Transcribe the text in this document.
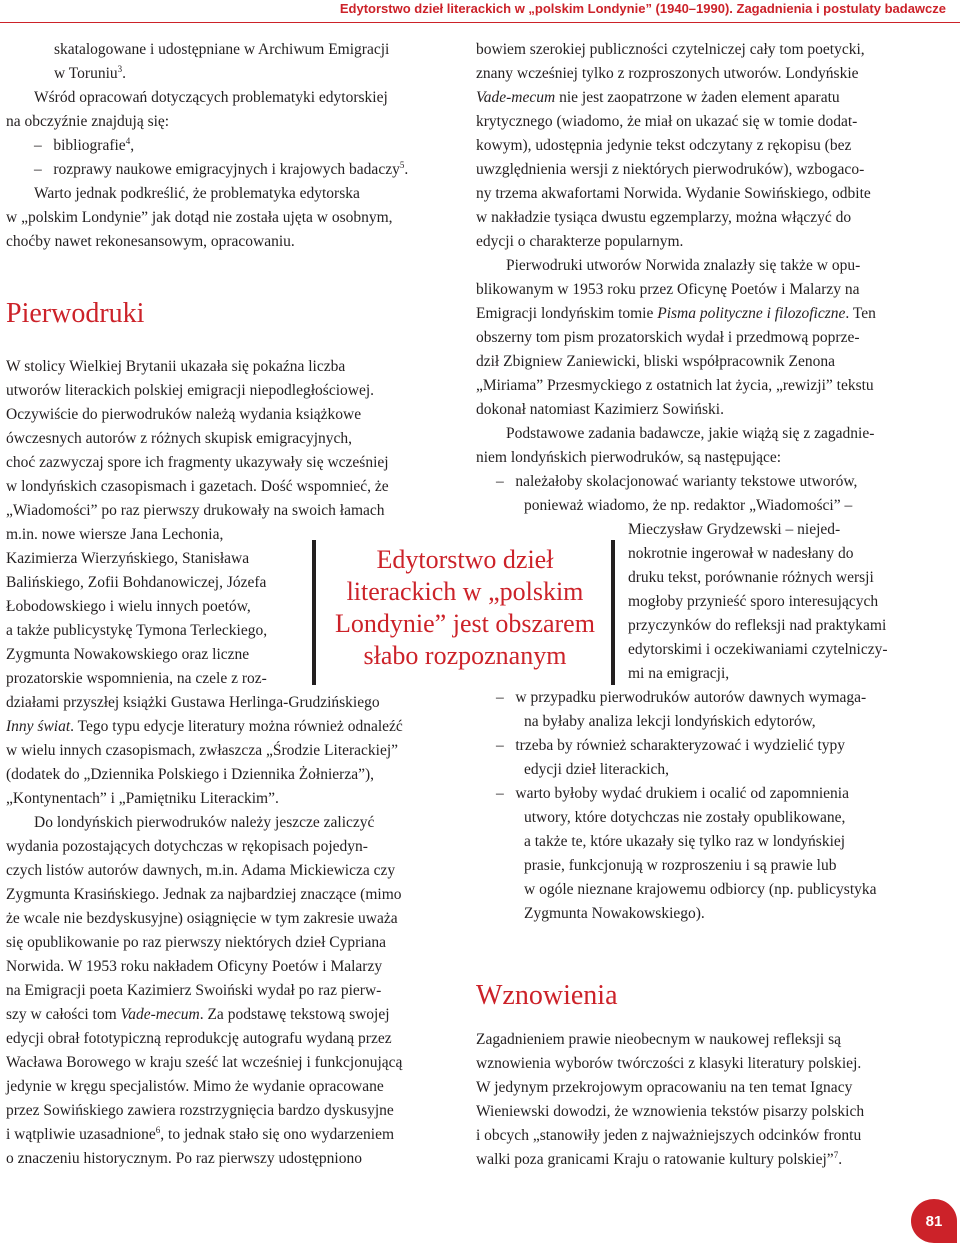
Edytorstwo dzieł literackich w „polskim Londynie” (1940–1990). Zagadnienia i postulaty badawcze
skatalogowane i udostępniane w Archiwum Emigracji
w Toruniu$^3$.
Wśród opracowań dotyczących problematyki edytorskiej
na obczyźnie znajdują się:
–   bibliografie$^4$,
–   rozprawy naukowe emigracyjnych i krajowych badaczy$^5$.
Warto jednak podkreślić, że problematyka edytorska
w „polskim Londynie” jak dotąd nie została ujęta w osobnym,
choćby nawet rekonesansowym, opracowaniu.
W stolicy Wielkiej Brytanii ukazała się pokaźna liczba
utworów literackich polskiej emigracji niepodległościowej.
Oczywiście do pierwodruków należą wydania książkowe
ówczesnych autorów z różnych skupisk emigracyjnych,
choć zazwyczaj spore ich fragmenty ukazywały się wcześniej
w londyńskich czasopismach i gazetach. Dość wspomnieć, że
„Wiadomości” po raz pierwszy drukowały na swoich łamach
m.in. nowe wiersze Jana Lechonia,
Kazimierza Wierzyńskiego, Stanisława
Balińskiego, Zofii Bohdanowiczej, Józefa
Łobodowskiego i wielu innych poetów,
a także publicystykę Tymona Terleckiego,
Zygmunta Nowakowskiego oraz liczne
prozatorskie wspomnienia, na czele z roz-
działami przyszłej książki Gustawa Herlinga-Grudzińskiego
Inny świat. Tego typu edycje literatury można również odnaleźć
w wielu innych czasopismach, zwłaszcza „Środzie Literackiej”
(dodatek do „Dziennika Polskiego i Dziennika Żołnierza”),
„Kontynentach” i „Pamiętniku Literackim”.
Do londyńskich pierwodruków należy jeszcze zaliczyć
wydania pozostających dotychczas w rękopisach pojedyn-
czych listów autorów dawnych, m.in. Adama Mickiewicza czy
Zygmunta Krasińskiego. Jednak za najbardziej znaczące (mimo
że wcale nie bezdyskusyjne) osiągnięcie w tym zakresie uważa
się opublikowanie po raz pierwszy niektórych dzieł Cypriana
Norwida. W 1953 roku nakładem Oficyny Poetów i Malarzy
na Emigracji poeta Kazimierz Swoiński wydał po raz pierw-
szy w całości tom Vade-mecum. Za podstawę tekstową swojej
edycji obrał fototypiczną reprodukcję autografu wydaną przez
Wacława Borowego w kraju sześć lat wcześniej i funkcjonującą
jedynie w kręgu specjalistów. Mimo że wydanie opracowane
przez Sowińskiego zawiera rozstrzygnięcia bardzo dyskusyjne
i wątpliwie uzasadnione$^6$, to jednak stało się ono wydarzeniem
o znaczeniu historycznym. Po raz pierwszy udostępniono
bowiem szerokiej publiczności czytelniczej cały tom poetycki,
znany wcześniej tylko z rozproszonych utworów. Londyńskie
Vade-mecum nie jest zaopatrzone w żaden element aparatu
krytycznego (wiadomo, że miał on ukazać się w tomie dodat-
kowym), udostępnia jedynie tekst odczytany z rękopisu (bez
uwzględnienia wersji z niektórych pierwodruków), wzbogaco-
ny trzema akwafortami Norwida. Wydanie Sowińskiego, odbite
w nakładzie tysiąca dwustu egzemplarzy, można włączyć do
edycji o charakterze popularnym.
Pierwodruki utworów Norwida znalazły się także w opu-
blikowanym w 1953 roku przez Oficynę Poetów i Malarzy na
Emigracji londyńskim tomie Pisma polityczne i filozoficzne. Ten
obszerny tom pism prozatorskich wydał i przedmową poprze-
dził Zbigniew Zaniewicki, bliski współpracownik Zenona
„Miriama” Przesmyckiego z ostatnich lat życia, „rewizji” tekstu
dokonał natomiast Kazimierz Sowiński.
Podstawowe zadania badawcze, jakie wiążą się z zagadnie-
niem londyńskich pierwodruków, są następujące:
–   należałoby skolacjonować warianty tekstowe utworów,
ponieważ wiadomo, że np. redaktor „Wiadomości” –
Mieczysław Grydzewski – niejed-
nokrotnie ingerował w nadesłany do
druku tekst, porównanie różnych wersji
mogłoby przynieść sporo interesujących
przyczynków do refleksji nad praktykami
edytorskimi i oczekiwaniami czytelniczy-
mi na emigracji,
–   w przypadku pierwodruków autorów dawnych wymaga-
na byłaby analiza lekcji londyńskich edytorów,
–   trzeba by również scharakteryzować i wydzielić typy
edycji dzieł literackich,
–   warto byłoby wydać drukiem i ocalić od zapomnienia
utwory, które dotychczas nie zostały opublikowane,
a także te, które ukazały się tylko raz w londyńskiej
prasie, funkcjonują w rozproszeniu i są prawie lub
w ogóle nieznane krajowemu odbiorcy (np. publicystyka
Zygmunta Nowakowskiego).
Zagadnieniem prawie nieobecnym w naukowej refleksji są
wznowienia wyborów twórczości z klasyki literatury polskiej.
W jedynym przekrojowym opracowaniu na ten temat Ignacy
Wieniewski dowodzi, że wznowienia tekstów pisarzy polskich
i obcych „stanowiły jeden z najważniejszych odcinków frontu
walki poza granicami Kraju o ratowanie kultury polskiej”$^7$.
Pierwodruki
Wznowienia
Edytorstwo dzieł
literackich w „polskim
Londynie” jest obszarem
słabo rozpoznanym
81
